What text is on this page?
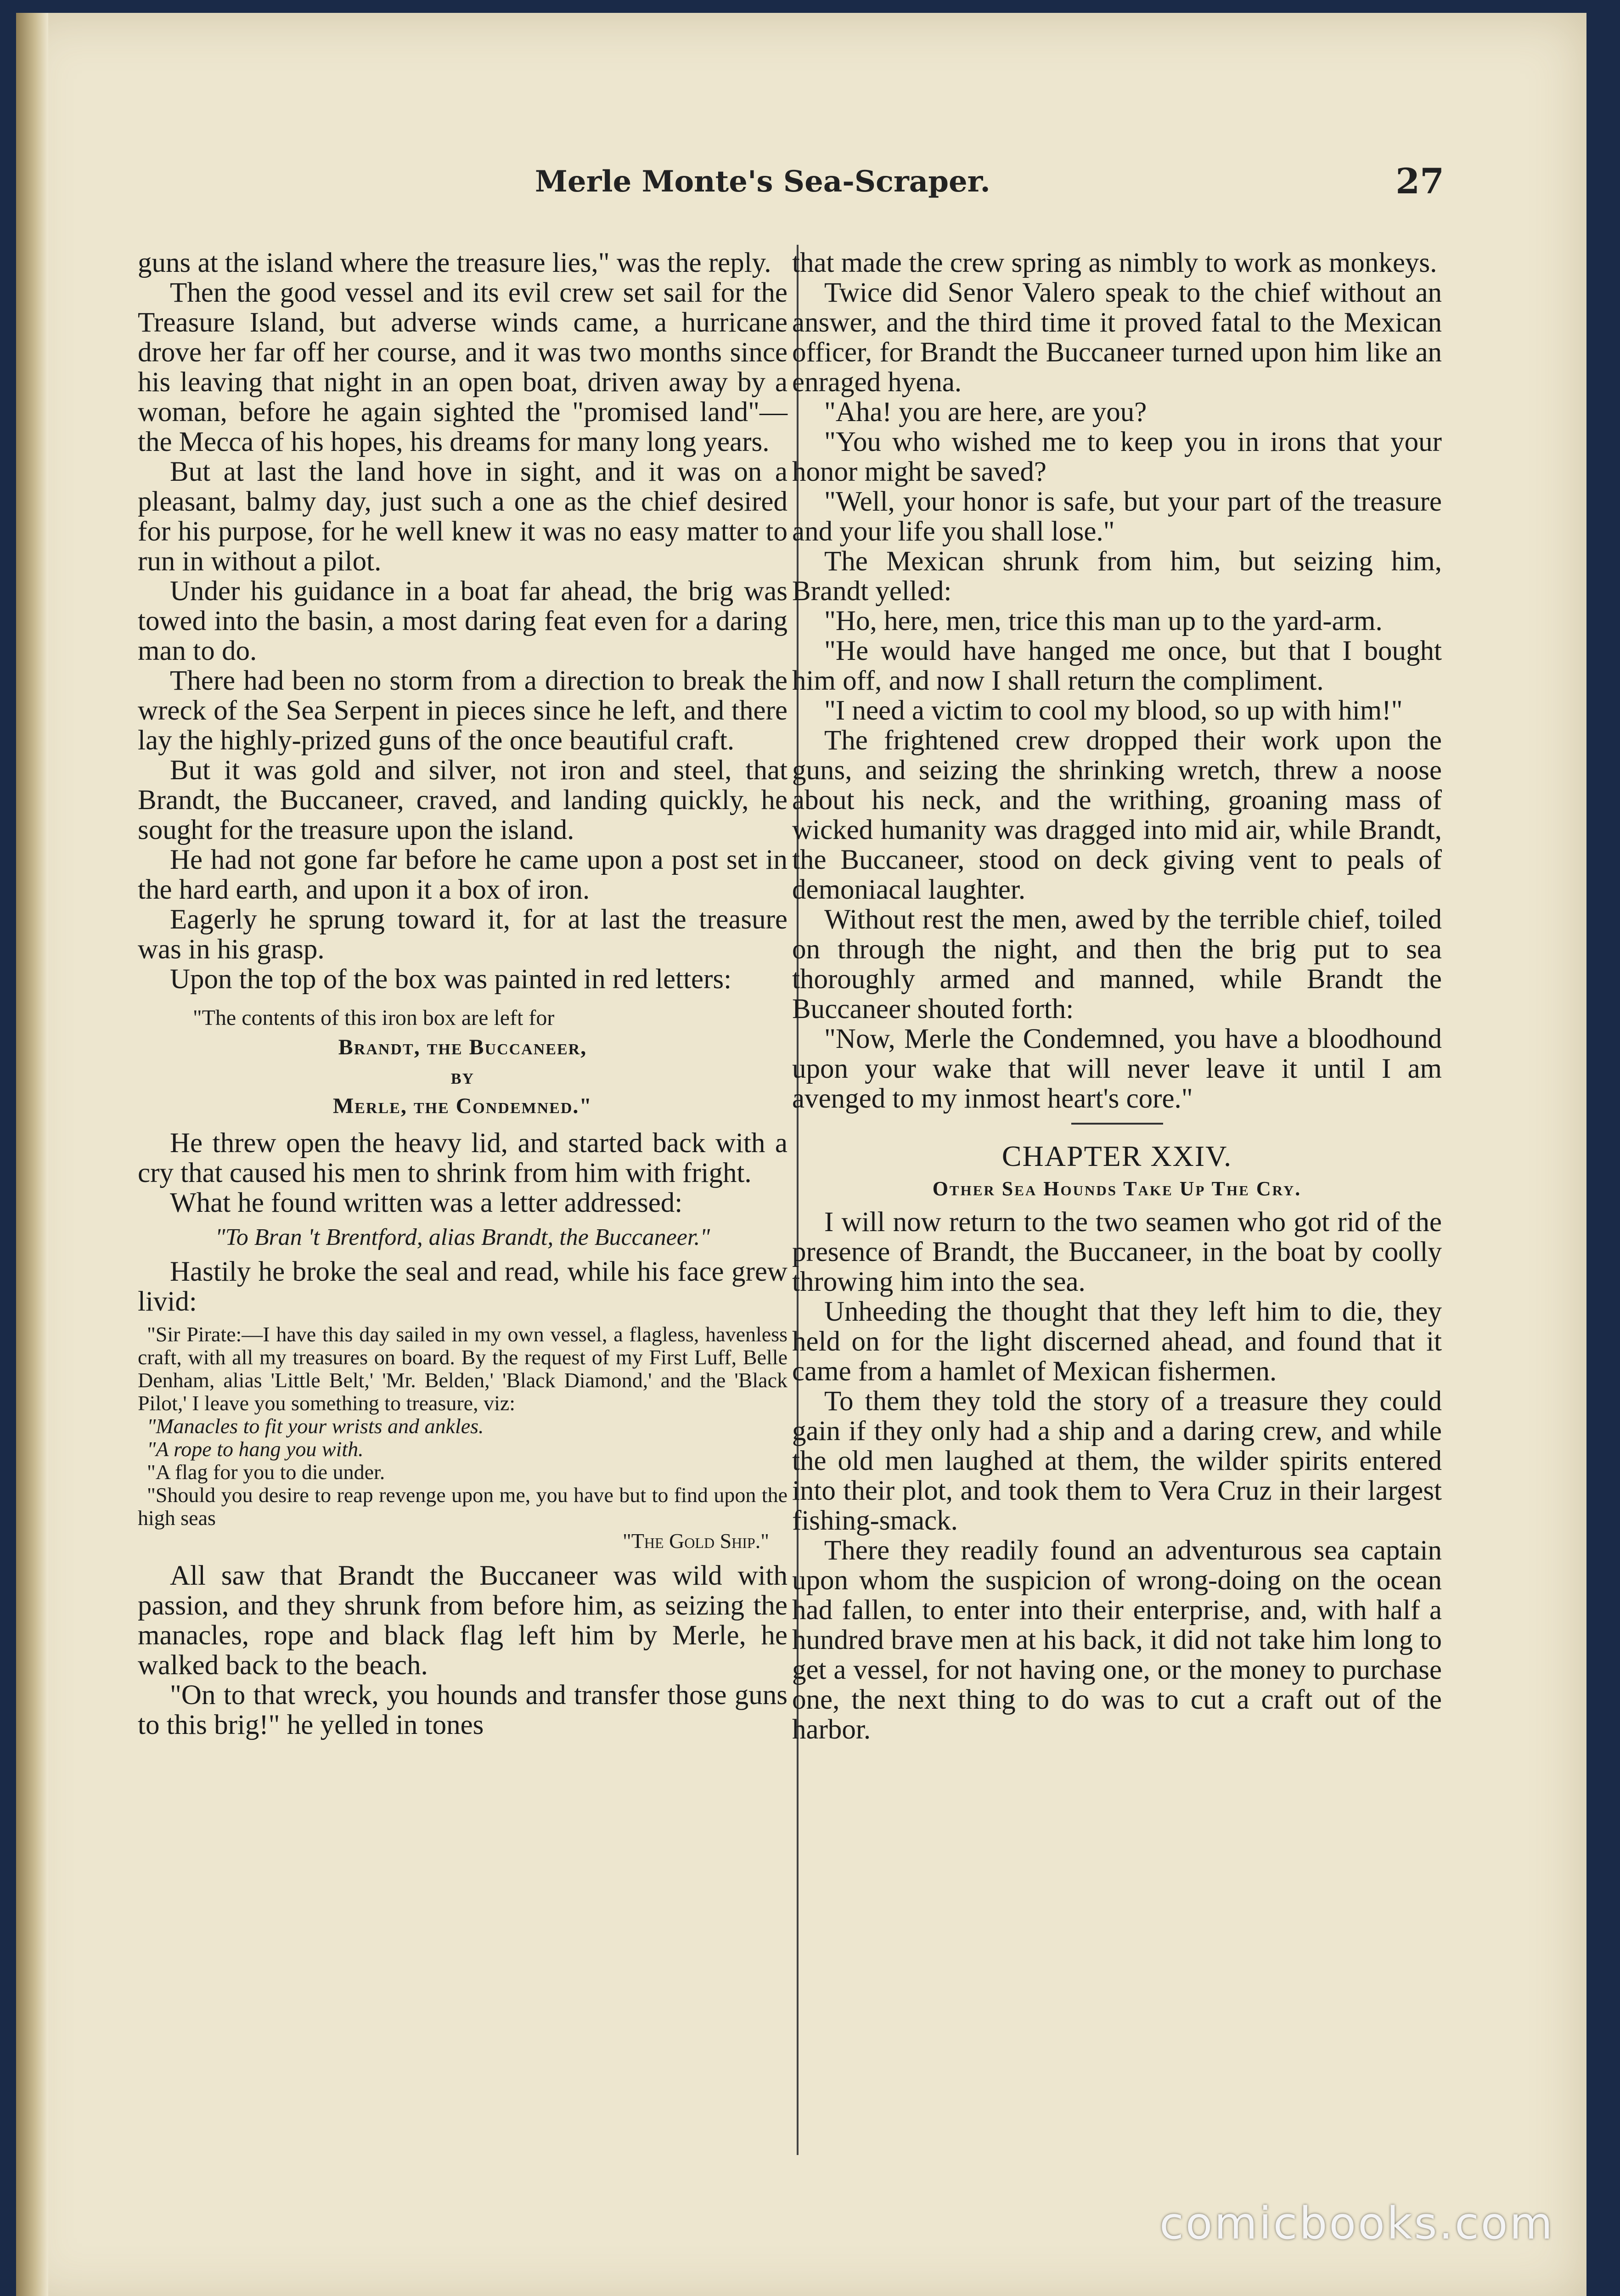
Merle Monte's Sea-Scraper.	27

guns at the island where the treasure lies," was the reply.

Then the good vessel and its evil crew set sail for the Treasure Island, but adverse winds came, a hurricane drove her far off her course, and it was two months since his leaving that night in an open boat, driven away by a woman, before he again sighted the "promised land"—the Mecca of his hopes, his dreams for many long years.

But at last the land hove in sight, and it was on a pleasant, balmy day, just such a one as the chief desired for his purpose, for he well knew it was no easy matter to run in without a pilot.

Under his guidance in a boat far ahead, the brig was towed into the basin, a most daring feat even for a daring man to do.

There had been no storm from a direction to break the wreck of the Sea Serpent in pieces since he left, and there lay the highly-prized guns of the once beautiful craft.

But it was gold and silver, not iron and steel, that Brandt, the Buccaneer, craved, and landing quickly, he sought for the treasure upon the island.

He had not gone far before he came upon a post set in the hard earth, and upon it a box of iron.

Eagerly he sprung toward it, for at last the treasure was in his grasp.

Upon the top of the box was painted in red letters:

"The contents of this iron box are left for
Brandt, the Buccaneer,
by
Merle, the Condemned."

He threw open the heavy lid, and started back with a cry that caused his men to shrink from him with fright.

What he found written was a letter addressed:

"To Bran 't Brentford, alias Brandt, the Buccaneer."

Hastily he broke the seal and read, while his face grew livid:

"Sir Pirate:—I have this day sailed in my own vessel, a flagless, havenless craft, with all my treasures on board. By the request of my First Luff, Belle Denham, alias 'Little Belt,' 'Mr. Belden,' 'Black Diamond,' and the 'Black Pilot,' I leave you something to treasure, viz:

"Manacles to fit your wrists and ankles.

"A rope to hang you with.

"A flag for you to die under.

"Should you desire to reap revenge upon me, you have but to find upon the high seas

"The Gold Ship."

All saw that Brandt the Buccaneer was wild with passion, and they shrunk from before him, as seizing the manacles, rope and black flag left him by Merle, he walked back to the beach.

"On to that wreck, you hounds and transfer those guns to this brig!" he yelled in tones

that made the crew spring as nimbly to work as monkeys.

Twice did Senor Valero speak to the chief without an answer, and the third time it proved fatal to the Mexican officer, for Brandt the Buccaneer turned upon him like an enraged hyena.

"Aha! you are here, are you?

"You who wished me to keep you in irons that your honor might be saved?

"Well, your honor is safe, but your part of the treasure and your life you shall lose."

The Mexican shrunk from him, but seizing him, Brandt yelled:

"Ho, here, men, trice this man up to the yard-arm.

"He would have hanged me once, but that I bought him off, and now I shall return the compliment.

"I need a victim to cool my blood, so up with him!"

The frightened crew dropped their work upon the guns, and seizing the shrinking wretch, threw a noose about his neck, and the writhing, groaning mass of wicked humanity was dragged into mid air, while Brandt, the Buccaneer, stood on deck giving vent to peals of demoniacal laughter.

Without rest the men, awed by the terrible chief, toiled on through the night, and then the brig put to sea thoroughly armed and manned, while Brandt the Buccaneer shouted forth:

"Now, Merle the Condemned, you have a bloodhound upon your wake that will never leave it until I am avenged to my inmost heart's core."

CHAPTER XXIV.
Other Sea Hounds Take Up The Cry.

I will now return to the two seamen who got rid of the presence of Brandt, the Buccaneer, in the boat by coolly throwing him into the sea.

Unheeding the thought that they left him to die, they held on for the light discerned ahead, and found that it came from a hamlet of Mexican fishermen.

To them they told the story of a treasure they could gain if they only had a ship and a daring crew, and while the old men laughed at them, the wilder spirits entered into their plot, and took them to Vera Cruz in their largest fishing-smack.

There they readily found an adventurous sea captain upon whom the suspicion of wrong-doing on the ocean had fallen, to enter into their enterprise, and, with half a hundred brave men at his back, it did not take him long to get a vessel, for not having one, or the money to purchase one, the next thing to do was to cut a craft out of the harbor.

comicbooks.com
